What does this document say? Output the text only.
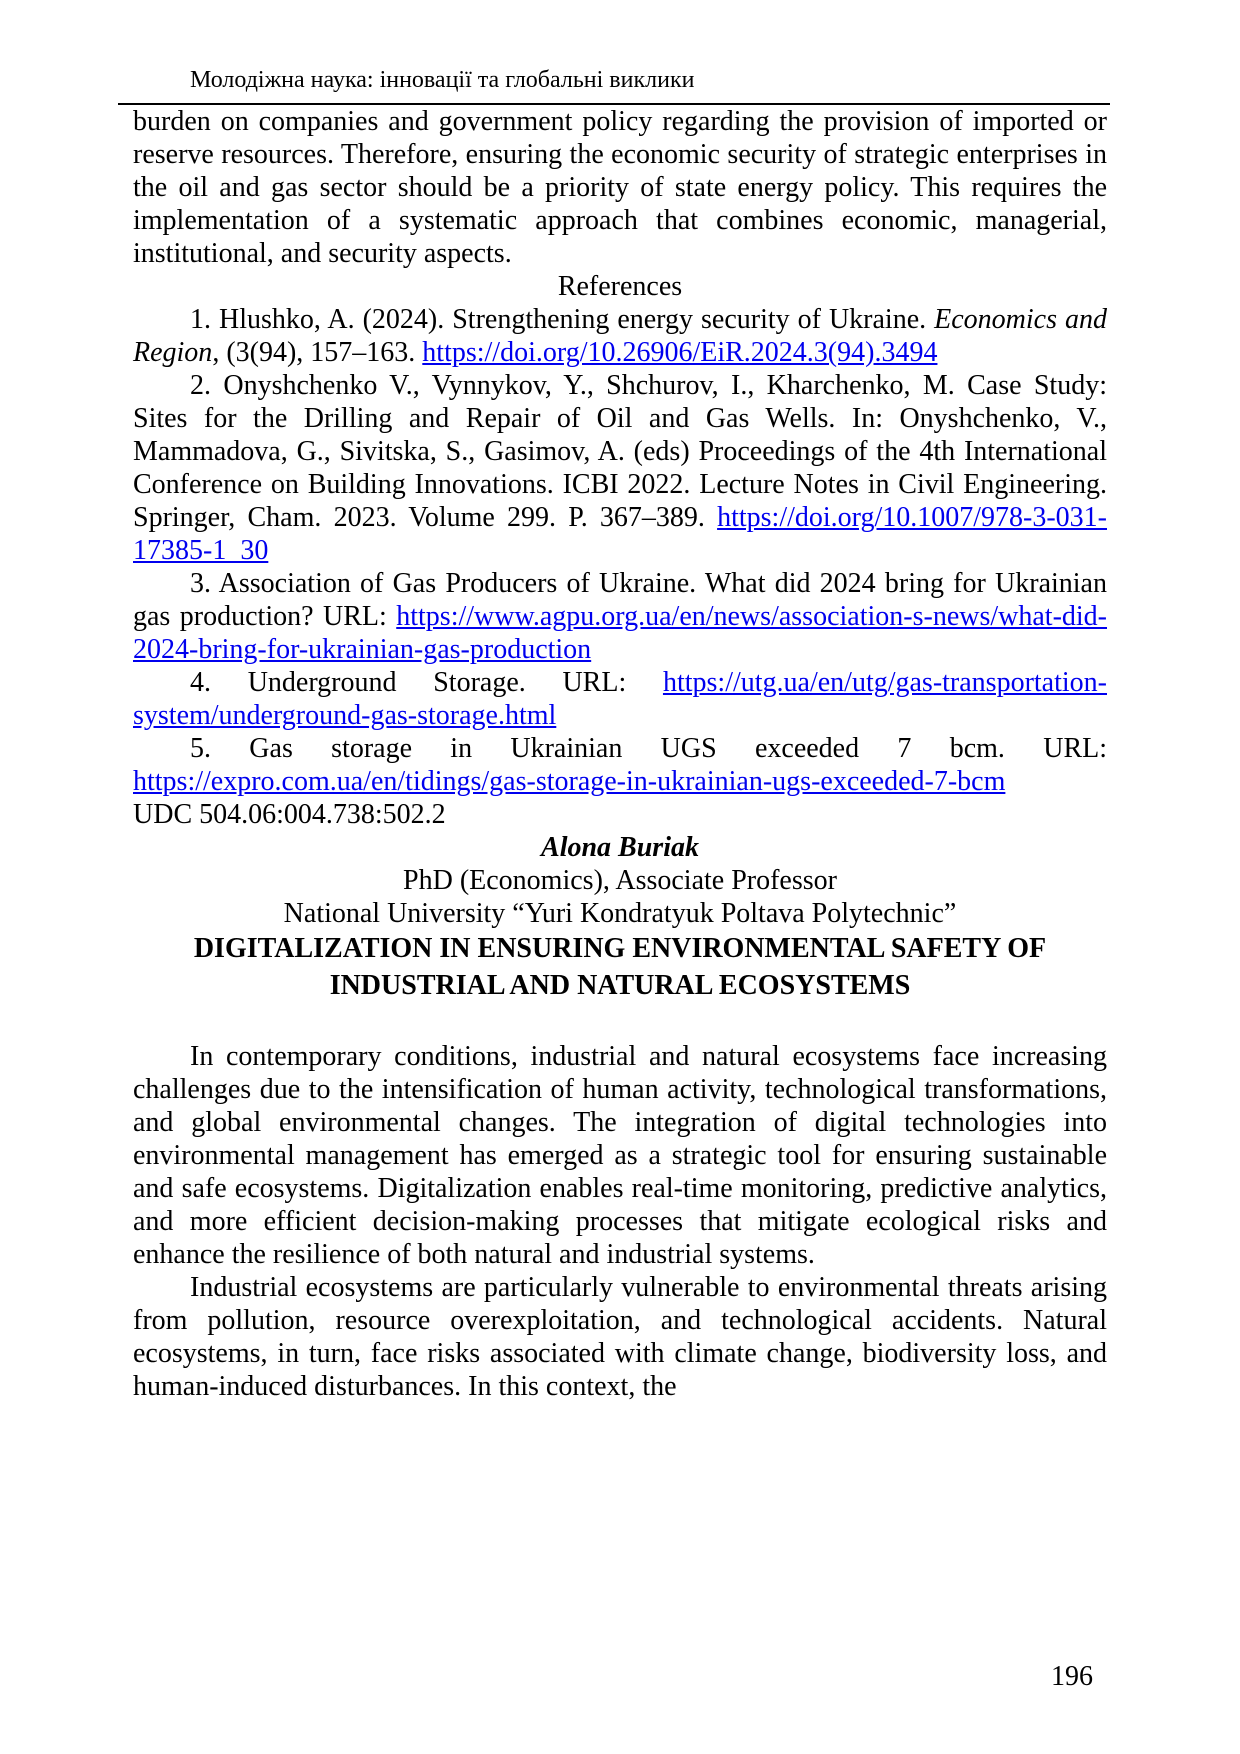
Молодіжна наука: інновації та глобальні виклики

burden on companies and government policy regarding the provision of imported or reserve resources. Therefore, ensuring the economic security of strategic enterprises in the oil and gas sector should be a priority of state energy policy. This requires the implementation of a systematic approach that combines economic, managerial, institutional, and security aspects.

References

1. Hlushko, A. (2024). Strengthening energy security of Ukraine. Economics and Region, (3(94), 157–163. https://doi.org/10.26906/EiR.2024.3(94).3494

2. Onyshchenko V., Vynnykov, Y., Shchurov, I., Kharchenko, M. Case Study: Sites for the Drilling and Repair of Oil and Gas Wells. In: Onyshchenko, V., Mammadova, G., Sivitska, S., Gasimov, A. (eds) Proceedings of the 4th International Conference on Building Innovations. ICBI 2022. Lecture Notes in Civil Engineering. Springer, Cham. 2023. Volume 299. P. 367–389. https://doi.org/10.1007/978-3-031-17385-1_30

3. Association of Gas Producers of Ukraine. What did 2024 bring for Ukrainian gas production? URL: https://www.agpu.org.ua/en/news/association-s-news/what-did-2024-bring-for-ukrainian-gas-production

4. Underground Storage. URL: https://utg.ua/en/utg/gas-transportation-system/underground-gas-storage.html

5. Gas storage in Ukrainian UGS exceeded 7 bcm. URL: https://expro.com.ua/en/tidings/gas-storage-in-ukrainian-ugs-exceeded-7-bcm

UDC 504.06:004.738:502.2

Alona Buriak

PhD (Economics), Associate Professor

National University “Yuri Kondratyuk Poltava Polytechnic”

DIGITALIZATION IN ENSURING ENVIRONMENTAL SAFETY OF
INDUSTRIAL AND NATURAL ECOSYSTEMS

In contemporary conditions, industrial and natural ecosystems face increasing challenges due to the intensification of human activity, technological transformations, and global environmental changes. The integration of digital technologies into environmental management has emerged as a strategic tool for ensuring sustainable and safe ecosystems. Digitalization enables real-time monitoring, predictive analytics, and more efficient decision-making processes that mitigate ecological risks and enhance the resilience of both natural and industrial systems.

Industrial ecosystems are particularly vulnerable to environmental threats arising from pollution, resource overexploitation, and technological accidents. Natural ecosystems, in turn, face risks associated with climate change, biodiversity loss, and human-induced disturbances. In this context, the

196
